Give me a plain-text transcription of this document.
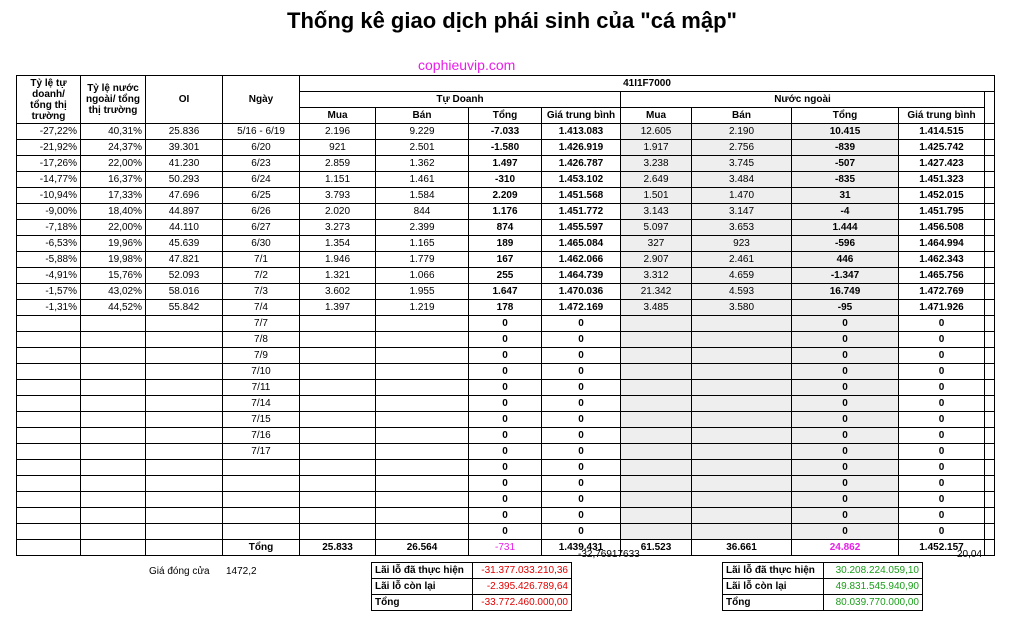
Thống kê giao dịch phái sinh của "cá mập"
cophieuvip.com
Tỷ lệ tự doanh/ tổng thị trường	Tỷ lệ nước ngoài/ tổng thị trường	OI	Ngày	41I1F7000								
				Tự Doanh				Nước ngoài				
				Mua	Bán	Tổng	Giá trung bình	Mua	Bán	Tổng	Giá trung bình	
-27,22%	40,31%	25.836	5/16 - 6/19	2.196	9.229	-7.033	1.413.083	12.605	2.190	10.415	1.414.515	
-21,92%	24,37%	39.301	6/20	921	2.501	-1.580	1.426.919	1.917	2.756	-839	1.425.742	
-17,26%	22,00%	41.230	6/23	2.859	1.362	1.497	1.426.787	3.238	3.745	-507	1.427.423	
-14,77%	16,37%	50.293	6/24	1.151	1.461	-310	1.453.102	2.649	3.484	-835	1.451.323	
-10,94%	17,33%	47.696	6/25	3.793	1.584	2.209	1.451.568	1.501	1.470	31	1.452.015	
-9,00%	18,40%	44.897	6/26	2.020	844	1.176	1.451.772	3.143	3.147	-4	1.451.795	
-7,18%	22,00%	44.110	6/27	3.273	2.399	874	1.455.597	5.097	3.653	1.444	1.456.508	
-6,53%	19,96%	45.639	6/30	1.354	1.165	189	1.465.084	327	923	-596	1.464.994	
-5,88%	19,98%	47.821	7/1	1.946	1.779	167	1.462.066	2.907	2.461	446	1.462.343	
-4,91%	15,76%	52.093	7/2	1.321	1.066	255	1.464.739	3.312	4.659	-1.347	1.465.756	
-1,57%	43,02%	58.016	7/3	3.602	1.955	1.647	1.470.036	21.342	4.593	16.749	1.472.769	
-1,31%	44,52%	55.842	7/4	1.397	1.219	178	1.472.169	3.485	3.580	-95	1.471.926	
			7/7			0	0			0	0	
			7/8			0	0			0	0	
			7/9			0	0			0	0	
			7/10			0	0			0	0	
			7/11			0	0			0	0	
			7/14			0	0			0	0	
			7/15			0	0			0	0	
			7/16			0	0			0	0	
			7/17			0	0			0	0	
						0	0			0	0	
						0	0			0	0	
						0	0			0	0	
						0	0			0	0	
						0	0			0	0	
			Tổng	25.833	26.564	-731	1.439.431	61.523	36.661	24.862	1.452.157	
-32,76917633	20,04
Giá đóng cửa 1472,2	Lãi lỗ đã thực hiện	-31.377.033.210,36
Lãi lỗ còn lại	-2.395.426.789,64
Tổng	-33.772.460.000,00
Lãi lỗ đã thực hiện	30.208.224.059,10
Lãi lỗ còn lại	49.831.545.940,90
Tổng	80.039.770.000,00
